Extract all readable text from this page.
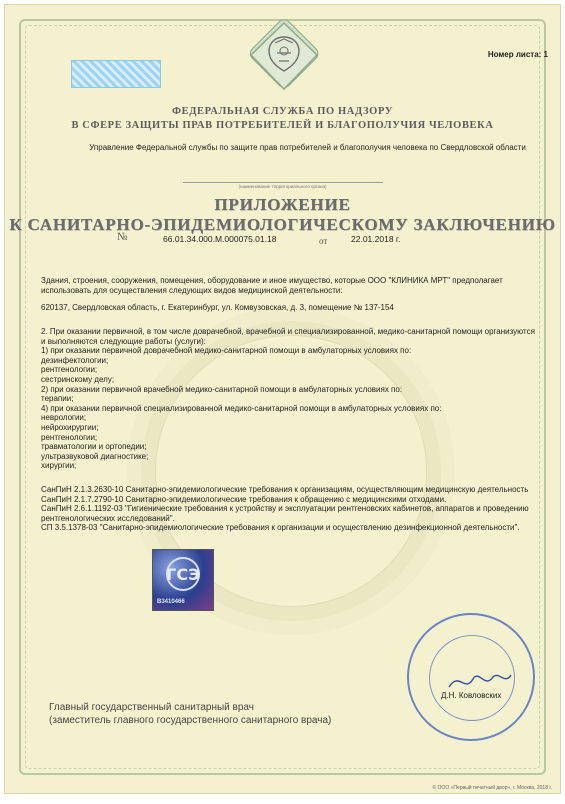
Номер листа: 1
ФЕДЕРАЛЬНАЯ СЛУЖБА ПО НАДЗОРУ
В СФЕРЕ ЗАЩИТЫ ПРАВ ПОТРЕБИТЕЛЕЙ И БЛАГОПОЛУЧИЯ ЧЕЛОВЕКА
Управление Федеральной службы по защите прав потребителей и благополучия человека по Свердловской области
(наименование территориального органа)
ПРИЛОЖЕНИЕ
К САНИТАРНО-ЭПИДЕМИОЛОГИЧЕСКОМУ ЗАКЛЮЧЕНИЮ
№	66.01.34.000.М.000075.01.18	от	22.01.2018 г.
Здания, строения, сооружения, помещения, оборудование и иное имущество, которые ООО "КЛИНИКА МРТ" предполагает использовать для осуществления следующих видов медицинской деятельности:
620137, Свердловская область, г. Екатеринбург, ул. Комвузовская, д. 3, помещение № 137-154
2. При оказании первичной, в том числе доврачебной, врачебной и специализированной, медико-санитарной помощи организуются и выполняются следующие работы (услуги):
1) при оказании первичной доврачебной медико-санитарной помощи в амбулаторных условиях по:
дезинфектологии;
рентгенологии;
сестринскому делу;
2) при оказании первичной врачебной медико-санитарной помощи в амбулаторных условиях по:
терапии;
4) при оказании первичной специализированной медико-санитарной помощи в амбулаторных условиях по:
неврологии;
нейрохирургии;
рентгенологии;
травматологии и ортопедии;
ультразвуковой диагностике;
хирургии;
СанПиН 2.1.3.2630-10 Санитарно-эпидемиологические требования к организациям, осуществляющим медицинскую деятельность
СанПиН 2.1.7.2790-10 Санитарно-эпидемиологические требования к обращению с медицинскими отходами.
СанПиН 2.6.1.1192-03 "Гигиенические требования к устройству и эксплуатации рентгеновских кабинетов, аппаратов и проведению рентгенологических исследований".
СП 3.5.1378-03 "Санитарно-эпидемиологические требования к организации и осуществлению дезинфекционной деятельности".
ГСЭ
В3410466
Д.Н. Ковловских
Главный государственный санитарный врач
(заместитель главного государственного санитарного врача)
© ООО «Первый печатный двор», г. Москва, 2018 г.
